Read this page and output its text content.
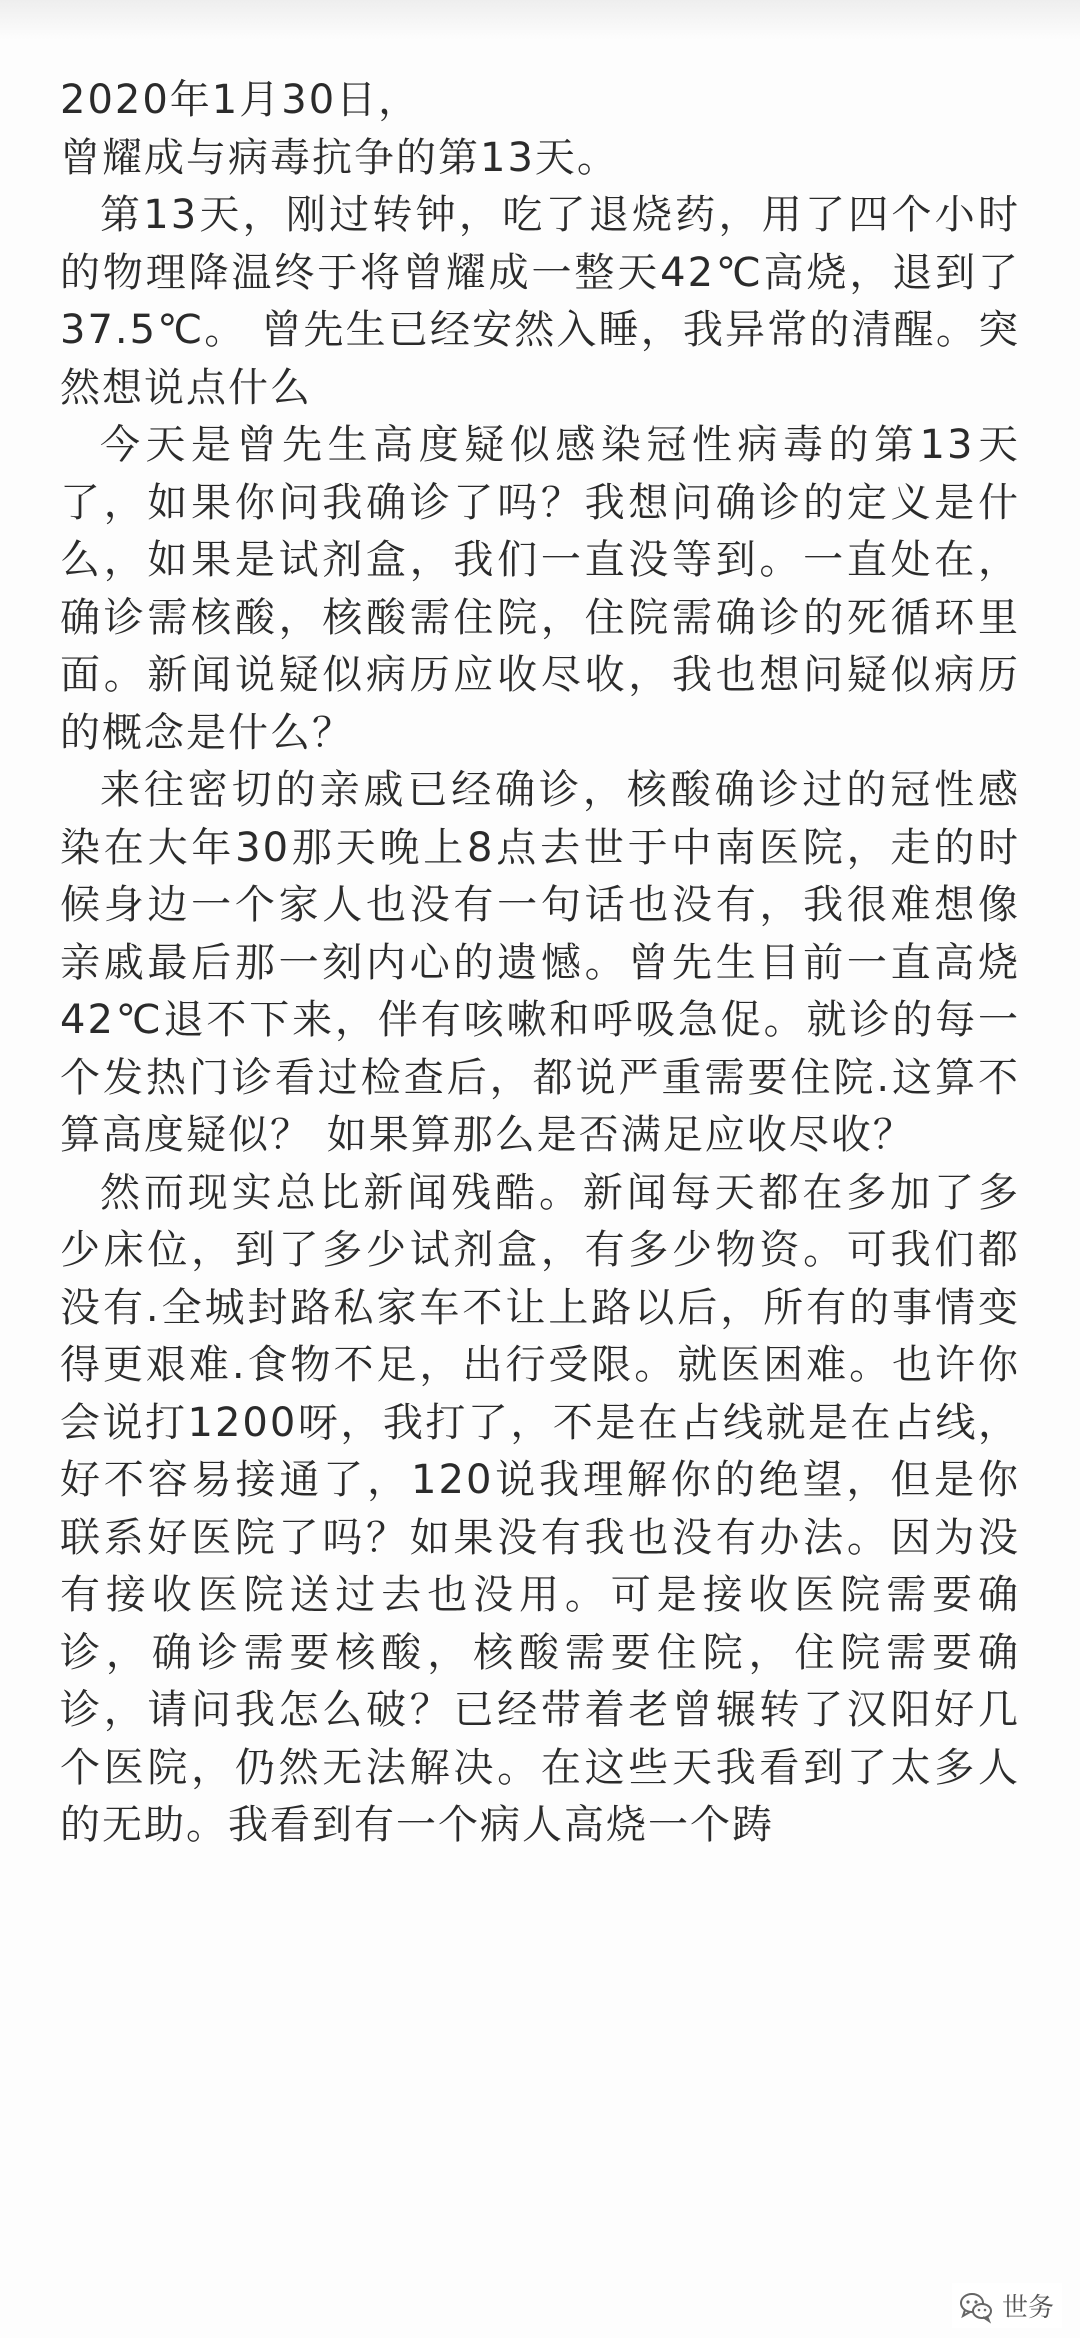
2020年1月30日，

曾耀成与病毒抗争的第13天。

第13天，刚过转钟，吃了退烧药，用了四个小时的物理降温终于将曾耀成一整天42℃高烧，退到了37.5℃。 曾先生已经安然入睡，我异常的清醒。突然想说点什么

今天是曾先生高度疑似感染冠性病毒的第13天了，如果你问我确诊了吗？我想问确诊的定义是什么，如果是试剂盒，我们一直没等到。一直处在，确诊需核酸，核酸需住院，住院需确诊的死循环里面。新闻说疑似病历应收尽收，我也想问疑似病历的概念是什么？

来往密切的亲戚已经确诊，核酸确诊过的冠性感染在大年30那天晚上8点去世于中南医院，走的时候身边一个家人也没有一句话也没有，我很难想像亲戚最后那一刻内心的遗憾。曾先生目前一直高烧42℃退不下来，伴有咳嗽和呼吸急促。就诊的每一个发热门诊看过检查后，都说严重需要住院.这算不算高度疑似？ 如果算那么是否满足应收尽收？

然而现实总比新闻残酷。新闻每天都在多加了多少床位，到了多少试剂盒，有多少物资。可我们都没有.全城封路私家车不让上路以后，所有的事情变得更艰难.食物不足，出行受限。就医困难。也许你会说打1200呀，我打了，不是在占线就是在占线，好不容易接通了，120说我理解你的绝望，但是你联系好医院了吗？如果没有我也没有办法。因为没有接收医院送过去也没用。可是接收医院需要确诊，确诊需要核酸，核酸需要住院，住院需要确诊，请问我怎么破？已经带着老曾辗转了汉阳好几个医院，仍然无法解决。在这些天我看到了太多人的无助。我看到有一个病人高烧一个踌

世务
